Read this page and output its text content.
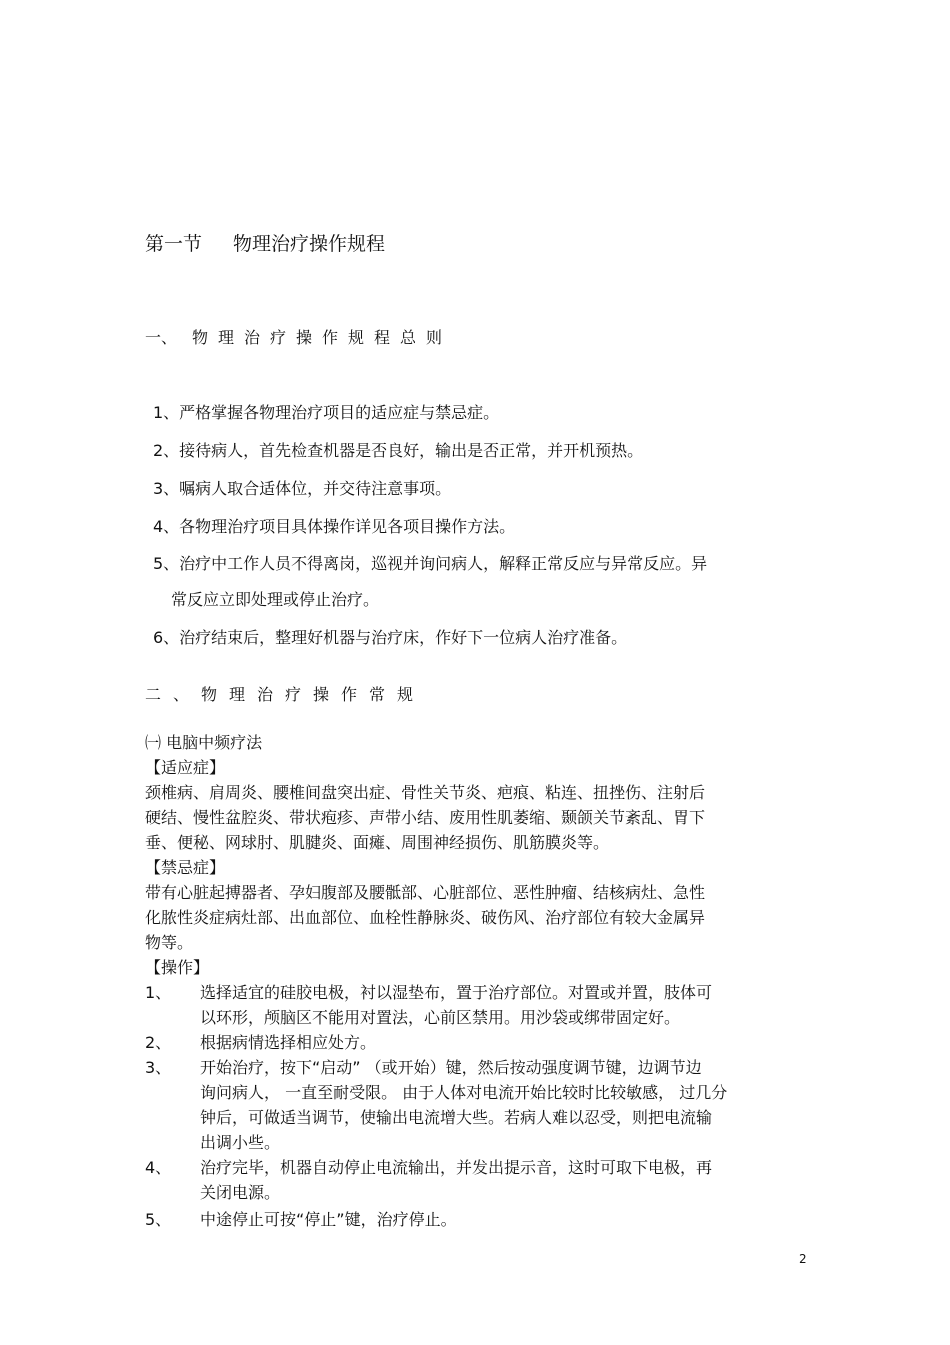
第一节 物理治疗操作规程
一、 物理治疗操作规程总则
1、严格掌握各物理治疗项目的适应症与禁忌症。
2、接待病人，首先检查机器是否良好，输出是否正常，并开机预热。
3、嘱病人取合适体位，并交待注意事项。
4、各物理治疗项目具体操作详见各项目操作方法。
5、治疗中工作人员不得离岗，巡视并询问病人，解释正常反应与异常反应。异
常反应立即处理或停止治疗。
6、治疗结束后，整理好机器与治疗床，作好下一位病人治疗准备。
二、物理治疗操作常规
㈠ 电脑中频疗法
【适应症】
颈椎病、肩周炎、腰椎间盘突出症、骨性关节炎、疤痕、粘连、扭挫伤、注射后
硬结、慢性盆腔炎、带状疱疹、声带小结、废用性肌萎缩、颞颌关节紊乱、胃下
垂、便秘、网球肘、肌腱炎、面瘫、周围神经损伤、肌筋膜炎等。
【禁忌症】
带有心脏起搏器者、孕妇腹部及腰骶部、心脏部位、恶性肿瘤、结核病灶、急性
化脓性炎症病灶部、出血部位、血栓性静脉炎、破伤风、治疗部位有较大金属异
物等。
【操作】
1、 选择适宜的硅胶电极，衬以湿垫布，置于治疗部位。对置或并置，肢体可
以环形，颅脑区不能用对置法，心前区禁用。用沙袋或绑带固定好。
2、 根据病情选择相应处方。
3、 开始治疗，按下“启动” （或开始）键，然后按动强度调节键，边调节边
询问病人， 一直至耐受限。 由于人体对电流开始比较时比较敏感， 过几分
钟后，可做适当调节，使输出电流增大些。若病人难以忍受，则把电流输
出调小些。
4、 治疗完毕，机器自动停止电流输出，并发出提示音，这时可取下电极，再
关闭电源。
5、 中途停止可按“停止”键，治疗停止。
2
